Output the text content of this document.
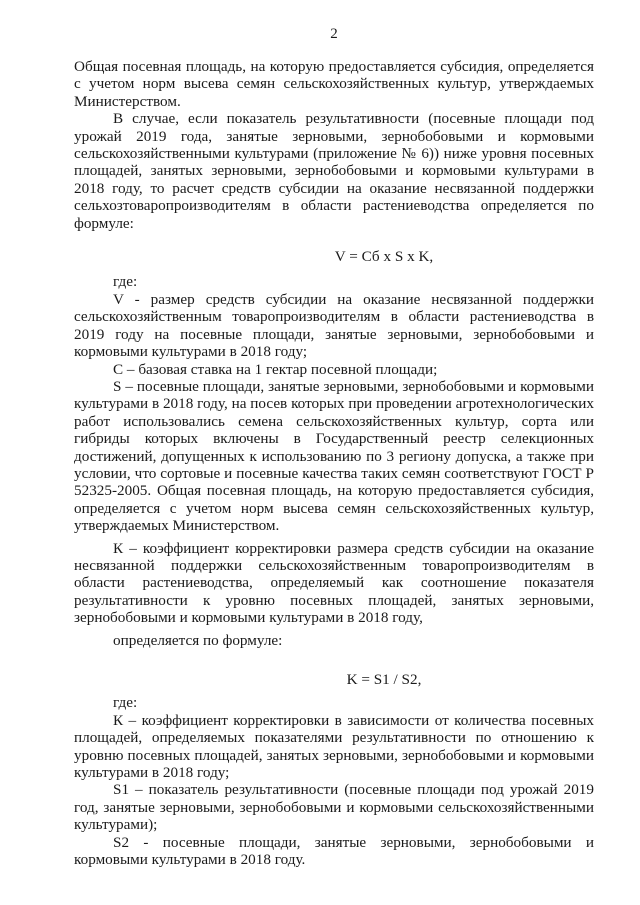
2

Общая посевная площадь, на которую предоставляется субсидия, определяется с учетом норм высева семян сельскохозяйственных культур, утверждаемых Министерством.

В случае, если показатель результативности (посевные площади под урожай 2019 года, занятые зерновыми, зернобобовыми и кормовыми сельскохозяйственными культурами (приложение № 6)) ниже уровня посевных площадей, занятых зерновыми, зернобобовыми и кормовыми культурами в 2018 году, то расчет средств субсидии на оказание несвязанной поддержки сельхозтоваропроизводителям в области растениеводства определяется по формуле:

V = Сб x S x K,

где:

V - размер средств субсидии на оказание несвязанной поддержки сельскохозяйственным товаропроизводителям в области растениеводства в 2019 году на посевные площади, занятые зерновыми, зернобобовыми и кормовыми культурами в 2018 году;

С – базовая ставка на 1 гектар посевной площади;

S – посевные площади, занятые зерновыми, зернобобовыми и кормовыми культурами в 2018 году, на посев которых при проведении агротехнологических работ использовались семена сельскохозяйственных культур, сорта или гибриды которых включены в Государственный реестр селекционных достижений, допущенных к использованию по 3 региону допуска, а также при условии, что сортовые и посевные качества таких семян соответствуют ГОСТ Р 52325-2005. Общая посевная площадь, на которую предоставляется субсидия, определяется с учетом норм высева семян сельскохозяйственных культур, утверждаемых Министерством.

К – коэффициент корректировки размера средств субсидии на оказание несвязанной поддержки сельскохозяйственным товаропроизводителям в области растениеводства, определяемый как соотношение показателя результативности к уровню посевных площадей, занятых зерновыми, зернобобовыми и кормовыми культурами в 2018 году,

определяется по формуле:

K = S1 / S2,

где:

К – коэффициент корректировки в зависимости от количества посевных площадей, определяемых показателями результативности по отношению к уровню посевных площадей, занятых зерновыми, зернобобовыми и кормовыми культурами в 2018 году;

S1 – показатель результативности (посевные площади под урожай 2019 год, занятые зерновыми, зернобобовыми и кормовыми сельскохозяйственными культурами);

S2 - посевные площади, занятые зерновыми, зернобобовыми и кормовыми культурами в 2018 году.
